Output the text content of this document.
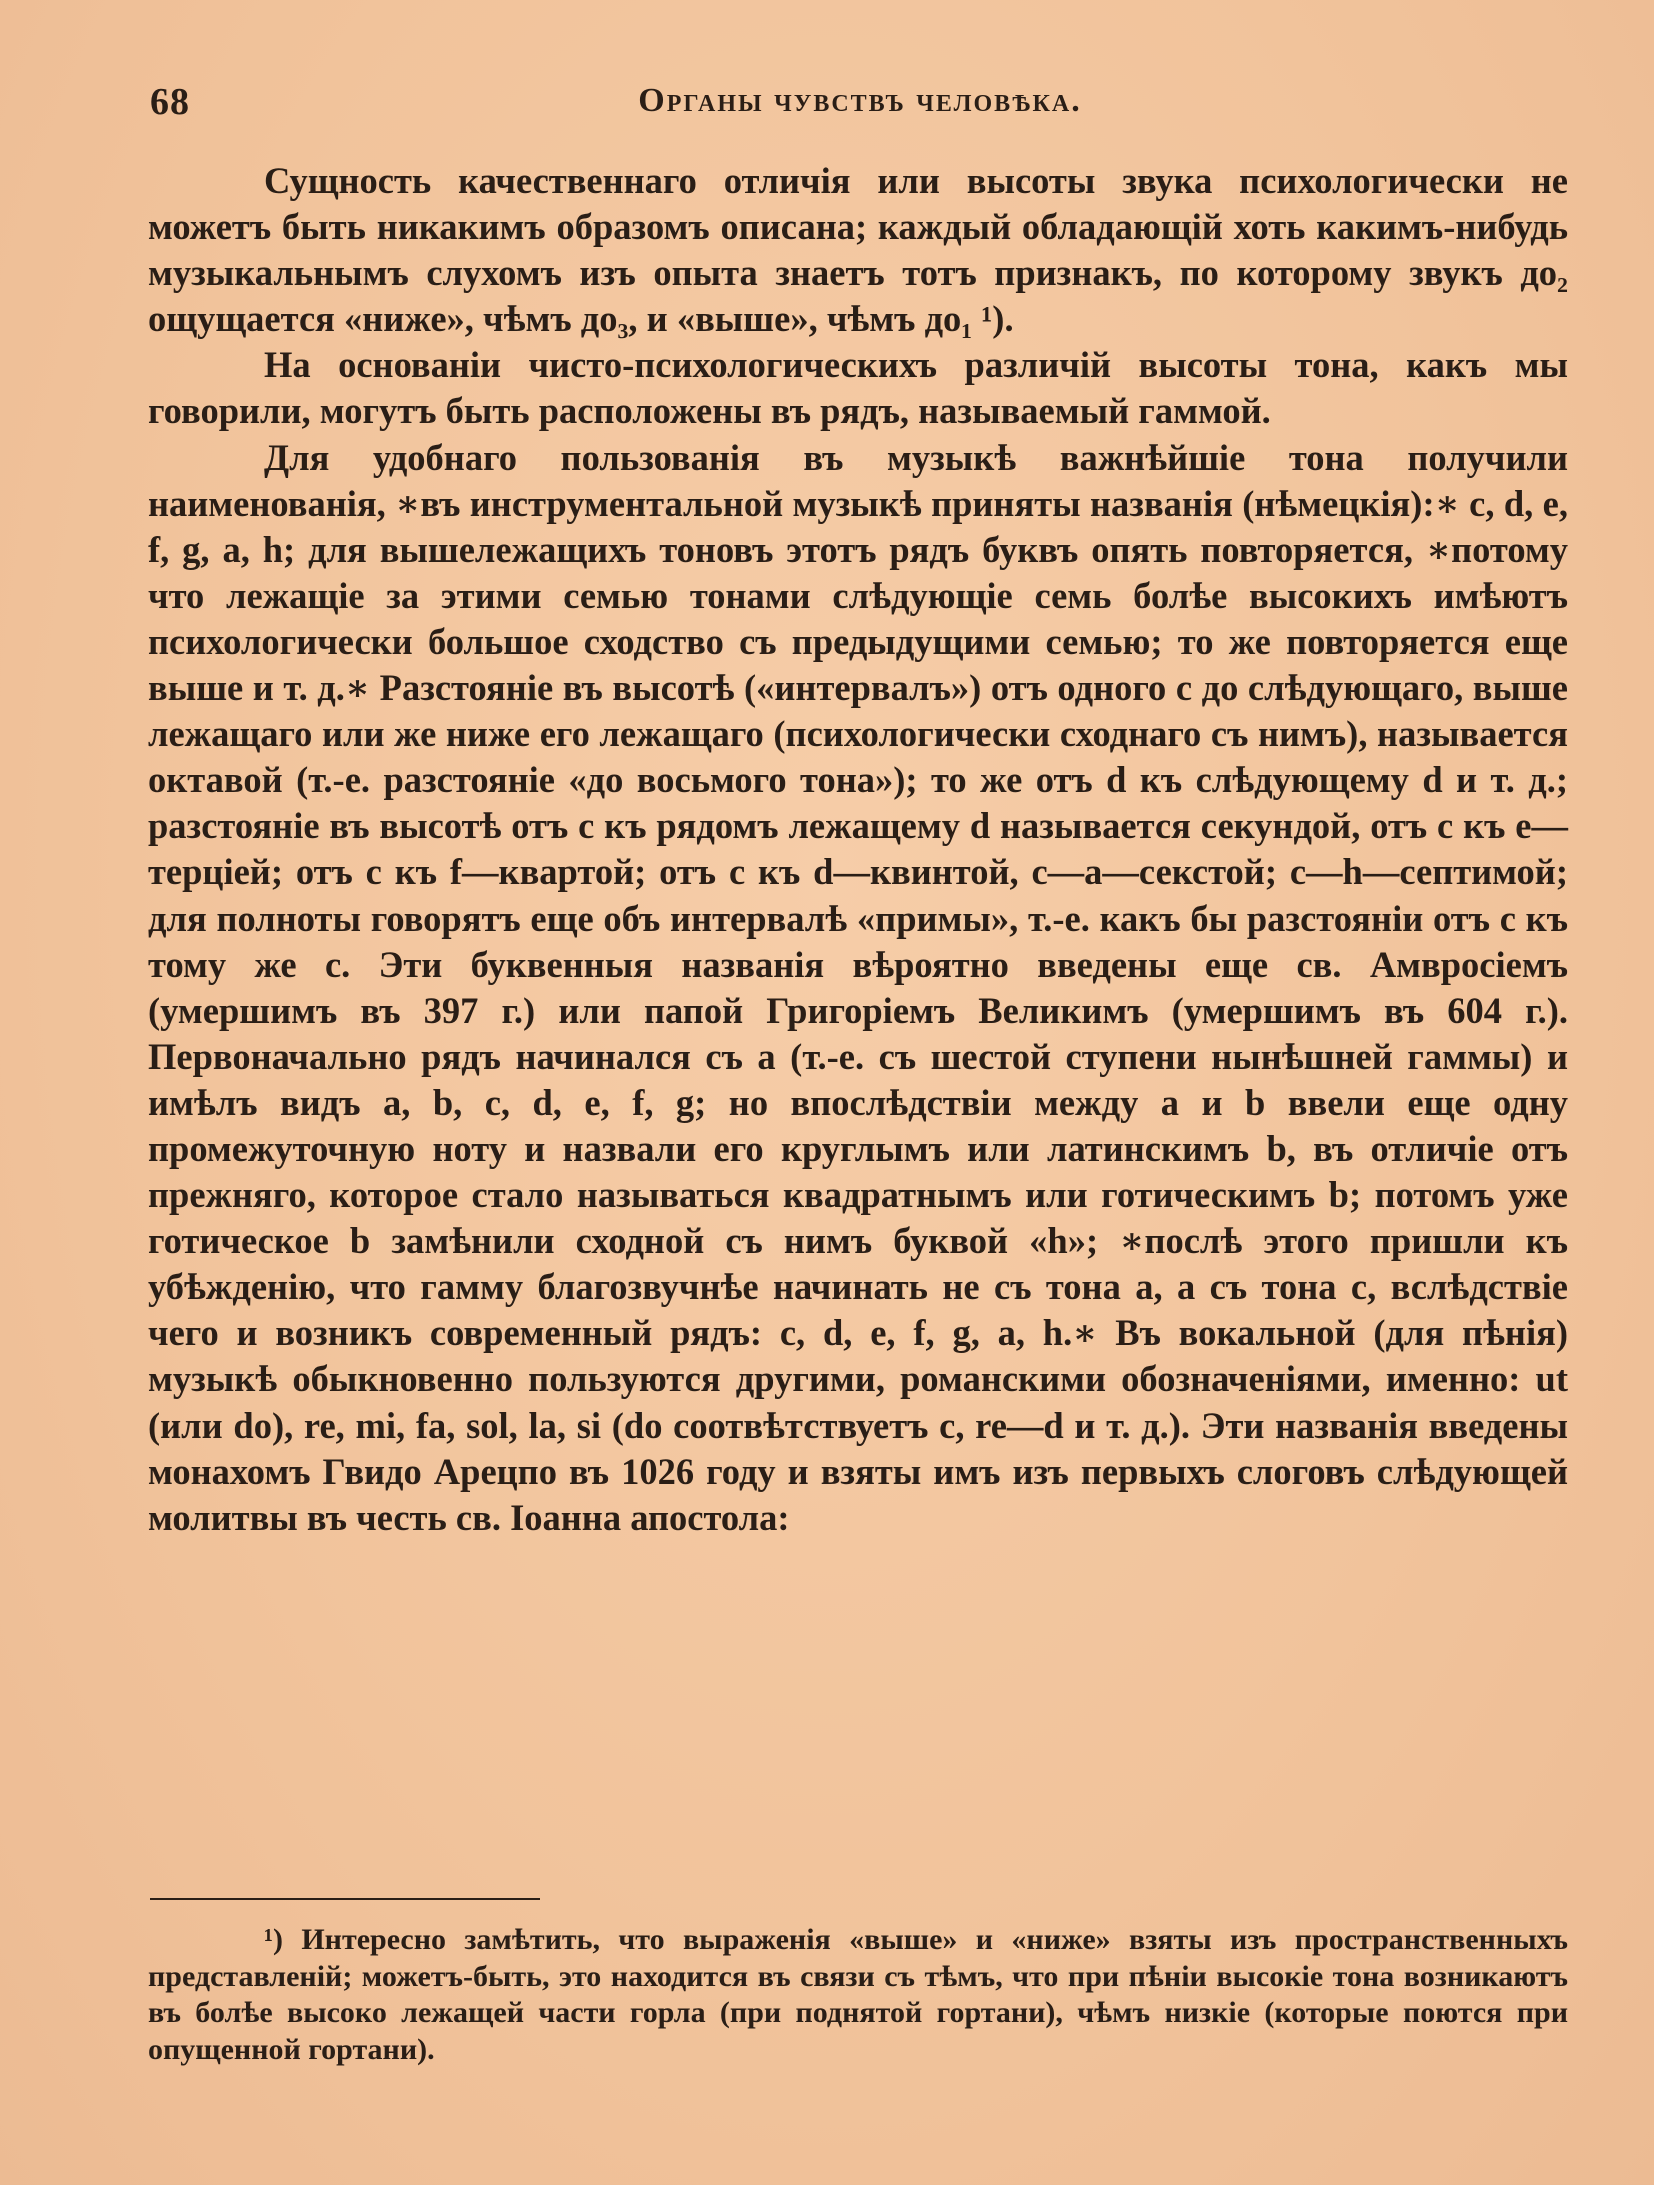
68	Органы чувствъ человѣка.

Сущность качественнаго отличія или высоты звука психологически не можетъ быть никакимъ образомъ описана; каждый обладающій хоть какимъ-нибудь музыкальнымъ слухомъ изъ опыта знаетъ тотъ признакъ, по которому звукъ до₂ ощущается «ниже», чѣмъ до₃, и «выше», чѣмъ до₁ ¹).

На основаніи чисто-психологическихъ различій высоты тона, какъ мы говорили, могутъ быть расположены въ рядъ, называемый гаммой.

Для удобнаго пользованія въ музыкѣ важнѣйшіе тона получили наименованія, ∗въ инструментальной музыкѣ приняты названія (нѣмецкія):∗ c, d, e, f, g, a, h; для вышележащихъ тоновъ этотъ рядъ буквъ опять повторяется, ∗потому что лежащіе за этими семью тонами слѣдующіе семь болѣе высокихъ имѣютъ психологически большое сходство съ предыдущими семью; то же повторяется еще выше и т. д.∗ Разстояніе въ высотѣ («интервалъ») отъ одного c до слѣдующаго, выше лежащаго или же ниже его лежащаго (психологически сходнаго съ нимъ), называется октавой (т.-е. разстояніе «до восьмого тона»); то же отъ d къ слѣдующему d и т. д.; разстояніе въ высотѣ отъ c къ рядомъ лежащему d называется секундой, отъ c къ e—терціей; отъ c къ f—квартой; отъ c къ d—квинтой, c—a—секстой; c—h—септимой; для полноты говорятъ еще объ интервалѣ «примы», т.-е. какъ бы разстояніи отъ c къ тому же c. Эти буквенныя названія вѣроятно введены еще св. Амвросіемъ (умершимъ въ 397 г.) или папой Григоріемъ Великимъ (умершимъ въ 604 г.). Первоначально рядъ начинался съ a (т.-е. съ шестой ступени нынѣшней гаммы) и имѣлъ видъ a, b, c, d, e, f, g; но впослѣдствіи между a и b ввели еще одну промежуточную ноту и назвали его круглымъ или латинскимъ b, въ отличіе отъ прежняго, которое стало называться квадратнымъ или готическимъ b; потомъ уже готическое b замѣнили сходной съ нимъ буквой «h»; ∗послѣ этого пришли къ убѣжденію, что гамму благозвучнѣе начинать не съ тона a, а съ тона c, вслѣдствіе чего и возникъ современный рядъ: c, d, e, f, g, a, h.∗ Въ вокальной (для пѣнія) музыкѣ обыкновенно пользуются другими, романскими обозначеніями, именно: ut (или do), re, mi, fa, sol, la, si (do соотвѣтствуетъ c, re—d и т. д.). Эти названія введены монахомъ Гвидо Арецпо въ 1026 году и взяты имъ изъ первыхъ слоговъ слѣдующей молитвы въ честь св. Іоанна апостола:

¹) Интересно замѣтить, что выраженія «выше» и «ниже» взяты изъ пространственныхъ представленій; можетъ-быть, это находится въ связи съ тѣмъ, что при пѣніи высокіе тона возникаютъ въ болѣе высоко лежащей части горла (при поднятой гортани), чѣмъ низкіе (которые поются при опущенной гортани).
